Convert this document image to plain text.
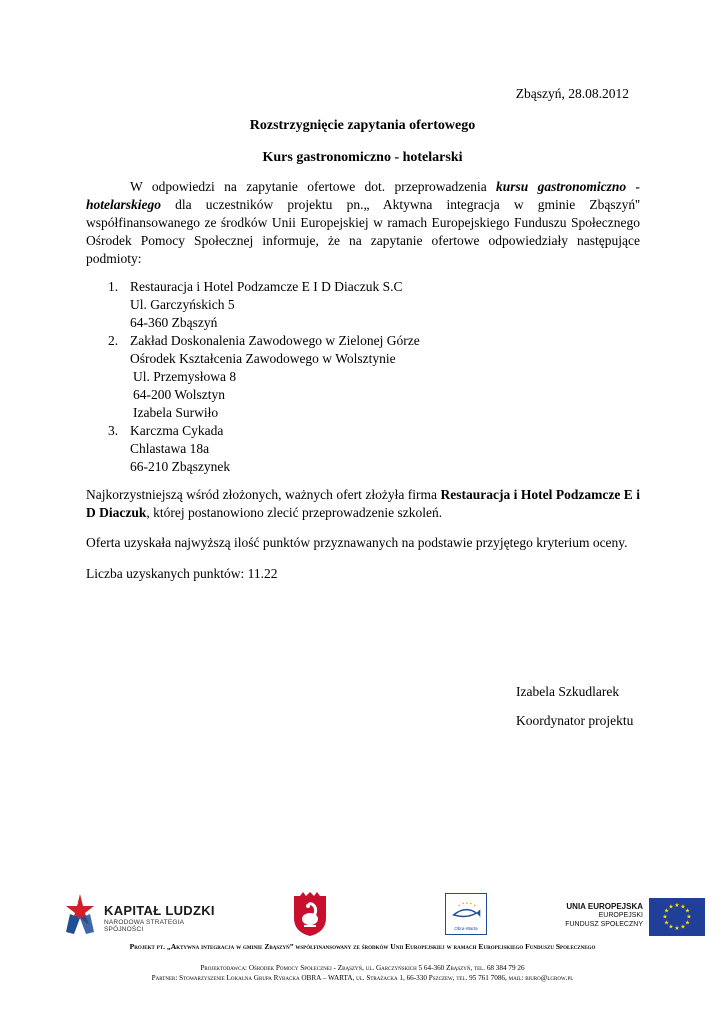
Zbąszyń, 28.08.2012
Rozstrzygnięcie zapytania ofertowego
Kurs gastronomiczno - hotelarski
W odpowiedzi na zapytanie ofertowe dot. przeprowadzenia kursu gastronomiczno - hotelarskiego dla uczestników projektu pn.„ Aktywna integracja w gminie Zbąszyń'' współfinansowanego ze środków Unii Europejskiej w ramach Europejskiego Funduszu Społecznego Ośrodek Pomocy Społecznej informuje, że na zapytanie ofertowe odpowiedziały następujące podmioty:
1. Restauracja i Hotel Podzamcze E I D Diaczuk S.C
Ul. Garczyńskich 5
64-360 Zbąszyń
2. Zakład Doskonalenia Zawodowego w Zielonej Górze
Ośrodek Kształcenia Zawodowego w Wolsztynie
Ul. Przemysłowa 8
64-200 Wolsztyn
Izabela Surwiło
3. Karczma Cykada
Chlastawa 18a
66-210 Zbąszynek
Najkorzystniejszą wśród złożonych, ważnych ofert złożyła firma Restauracja i Hotel Podzamcze E i D Diaczuk, której postanowiono zlecić przeprowadzenie szkoleń.
Oferta uzyskała najwyższą ilość punktów przyznawanych na podstawie przyjętego kryterium oceny.
Liczba uzyskanych punktów: 11.22
Izabela Szkudlarek
Koordynator projektu
KAPITAŁ LUDZKI
NARODOWA STRATEGIA SPÓJNOŚCI	Obra-Warta
UNIA EUROPEJSKA
EUROPEJSKI
FUNDUSZ SPOŁECZNY
★ ★
★
★
★
★
★
★
★
★
★
★
Projekt pt. „Aktywna integracja w gminie Zbąszyń” współfinansowany ze środków Unii Europejskiej w ramach Europejskiego Funduszu Społecznego
Projektodawca: Ośrodek Pomocy Społecznej - Zbąszyń, ul. Garczyńskich 5 64-360 Zbąszyń, tel. 68 384 79 26
Partner: Stowarzyszenie Lokalna Grupa Rybacka OBRA – WARTA, ul. Strażacka 1, 66-330 Pszczew, tel. 95 761 7086, mail: biuro@lgrow.pl
